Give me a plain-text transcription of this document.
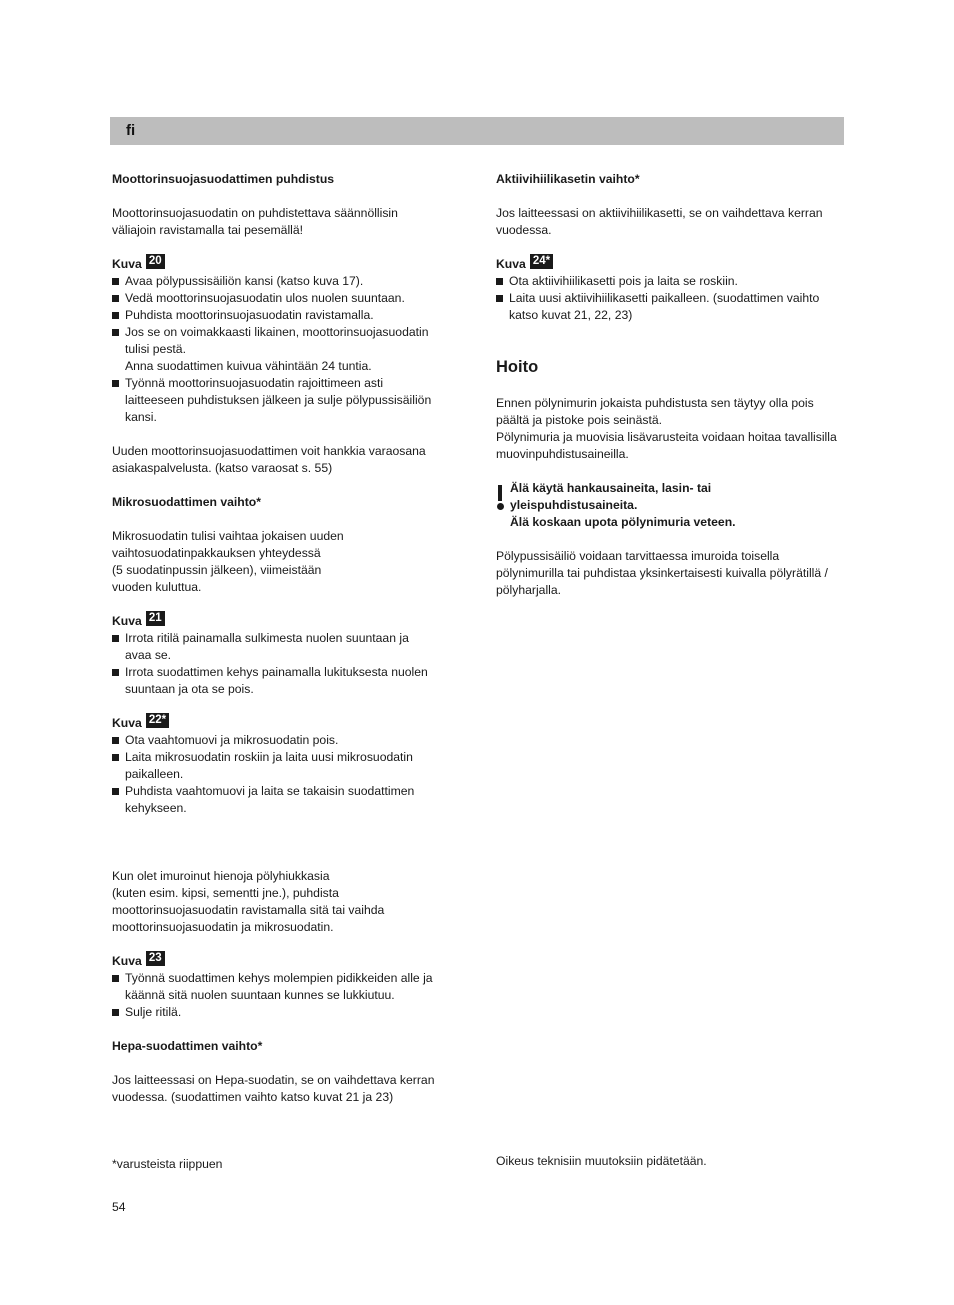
fi
Moottorinsuojasuodattimen puhdistus

Moottorinsuojasuodatin on puhdistettava säännöllisin
väliajoin ravistamalla tai pesemällä!

Kuva 20
Avaa pölypussisäiliön kansi (katso kuva 17).
Vedä moottorinsuojasuodatin ulos nuolen suuntaan.
Puhdista moottorinsuojasuodatin ravistamalla.
Jos se on voimakkaasti likainen, moottorinsuojasuodatin
tulisi pestä.
Anna suodattimen kuivua vähintään 24 tuntia.
Työnnä moottorinsuojasuodatin rajoittimeen asti
laitteeseen puhdistuksen jälkeen ja sulje pölypussisäiliön
kansi.

Uuden moottorinsuojasuodattimen voit hankkia varaosana
asiakaspalvelusta. (katso varaosat s. 55)

Mikrosuodattimen vaihto*

Mikrosuodatin tulisi vaihtaa jokaisen uuden
vaihtosuodatinpakkauksen yhteydessä
(5 suodatinpussin jälkeen), viimeistään
vuoden kuluttua.

Kuva 21
Irrota ritilä painamalla sulkimesta nuolen suuntaan ja
avaa se.
Irrota suodattimen kehys painamalla lukituksesta nuolen
suuntaan ja ota se pois.
Kuva 22*
Ota vaahtomuovi ja mikrosuodatin pois.
Laita mikrosuodatin roskiin ja laita uusi mikrosuodatin
paikalleen.
Puhdista vaahtomuovi ja laita se takaisin suodattimen
kehykseen.

Kun olet imuroinut hienoja pölyhiukkasia
(kuten esim. kipsi, sementti jne.), puhdista
moottorinsuojasuodatin ravistamalla sitä tai vaihda
moottorinsuojasuodatin ja mikrosuodatin.

Kuva 23
Työnnä suodattimen kehys molempien pidikkeiden alle ja
käännä sitä nuolen suuntaan kunnes se lukkiutuu.
Sulje ritilä.
Hepa-suodattimen vaihto*

Jos laitteessasi on Hepa-suodatin, se on vaihdettava kerran
vuodessa. (suodattimen vaihto katso kuvat 21 ja 23)

Aktiivihiilikasetin vaihto*

Jos laitteessasi on aktiivihiilikasetti, se on vaihdettava kerran
vuodessa.

Kuva 24*
Ota aktiivihiilikasetti pois ja laita se roskiin.
Laita uusi aktiivihiilikasetti paikalleen. (suodattimen vaihto
katso kuvat 21, 22, 23)
Hoito

Ennen pölynimurin jokaista puhdistusta sen täytyy olla pois
päältä ja pistoke pois seinästä.
Pölynimuria ja muovisia lisävarusteita voidaan hoitaa tavallisilla
muovinpuhdistusaineilla.

Älä käytä hankausaineita, lasin- tai
yleispuhdistusaineita.
Älä koskaan upota pölynimuria veteen.

Pölypussisäiliö voidaan tarvittaessa imuroida toisella
pölynimurilla tai puhdistaa yksinkertaisesti kuivalla pölyrätillä /
pölyharjalla.

*varusteista riippuen	Oikeus teknisiin muutoksiin pidätetään.
54
